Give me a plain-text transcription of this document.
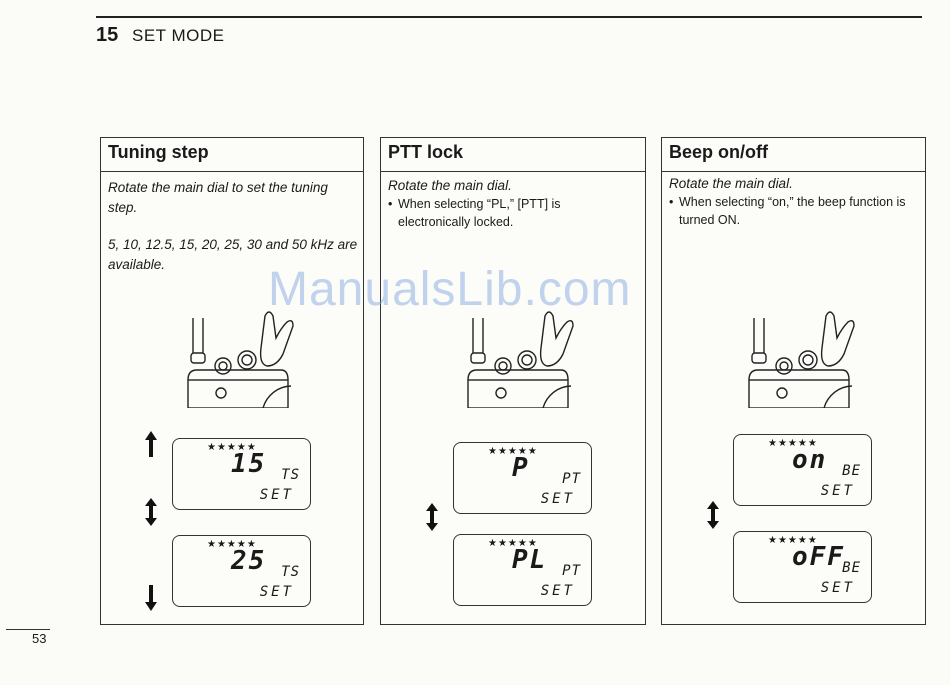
15 SET MODE
Tuning step
Rotate the main dial to set the tuning step.
5, 10, 12.5, 15, 20, 25, 30 and 50 kHz are available.
★★★★★
15 TS
SET
★★★★★
25 TS
SET
PTT lock
Rotate the main dial.
• When selecting “PL,” [PTT] is electronically locked.
★★★★★
P PT
SET
★★★★★
PL PT
SET
Beep on/off
Rotate the main dial.
• When selecting “on,” the beep function is turned ON.
★★★★★
on BE
SET
★★★★★
oFF
BE
SET
ManualsLib.com
53
